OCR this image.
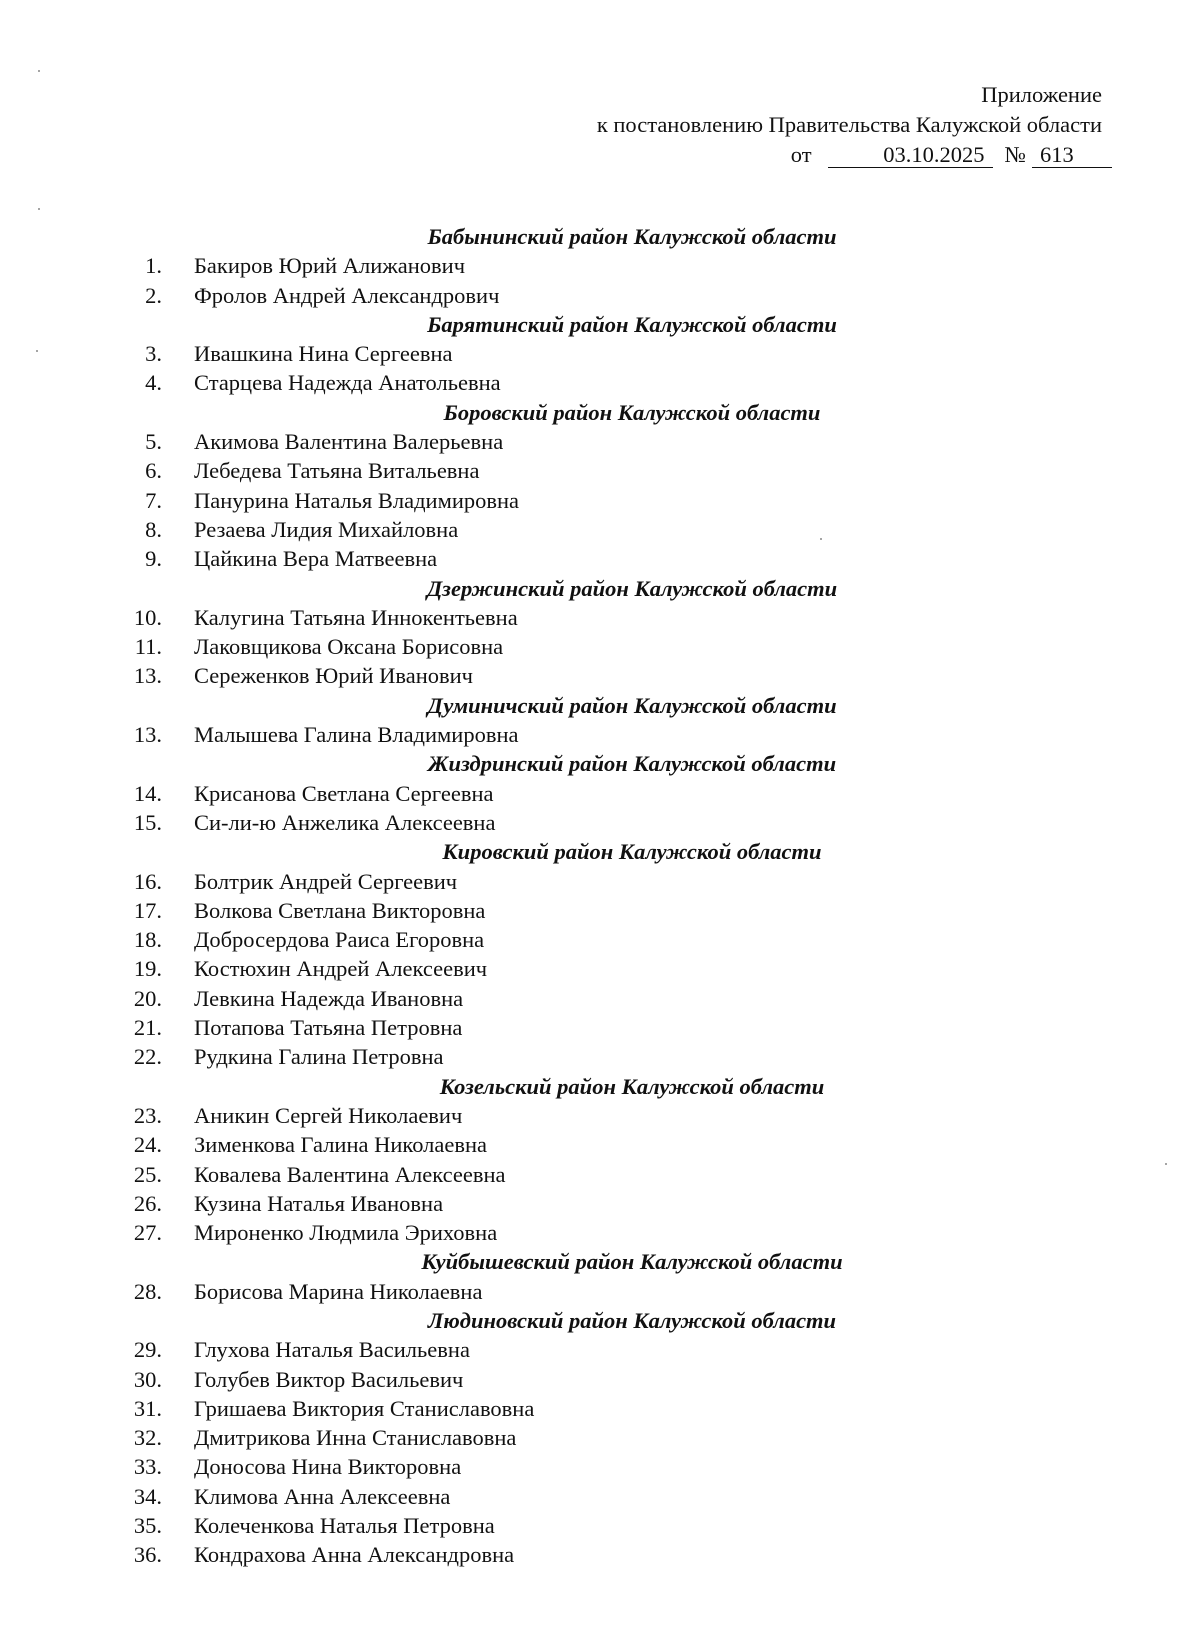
Приложение
к постановлению Правительства Калужской области
от	03.10.2025 № 613
Бабынинский район Калужской области
1. Бакиров Юрий Алижанович
2. Фролов Андрей Александрович
Барятинский район Калужской области
3. Ивашкина Нина Сергеевна
4. Старцева Надежда Анатольевна
Боровский район Калужской области
5. Акимова Валентина Валерьевна
6. Лебедева Татьяна Витальевна
7. Панурина Наталья Владимировна
8. Резаева Лидия Михайловна
9. Цайкина Вера Матвеевна
Дзержинский район Калужской области
10. Калугина Татьяна Иннокентьевна
11. Лаковщикова Оксана Борисовна
13. Сереженков Юрий Иванович
Думиничский район Калужской области
13. Малышева Галина Владимировна
Жиздринский район Калужской области
14. Крисанова Светлана Сергеевна
15. Си-ли-ю Анжелика Алексеевна
Кировский район Калужской области
16. Болтрик Андрей Сергеевич
17. Волкова Светлана Викторовна
18. Добросердова Раиса Егоровна
19. Костюхин Андрей Алексеевич
20. Левкина Надежда Ивановна
21. Потапова Татьяна Петровна
22. Рудкина Галина Петровна
Козельский район Калужской области
23. Аникин Сергей Николаевич
24. Зименкова Галина Николаевна
25. Ковалева Валентина Алексеевна
26. Кузина Наталья Ивановна
27. Мироненко Людмила Эриховна
Куйбышевский район Калужской области
28. Борисова Марина Николаевна
Людиновский район Калужской области
29. Глухова Наталья Васильевна
30. Голубев Виктор Васильевич
31. Гришаева Виктория Станиславовна
32. Дмитрикова Инна Станиславовна
33. Доносова Нина Викторовна
34. Климова Анна Алексеевна
35. Колеченкова Наталья Петровна
36. Кондрахова Анна Александровна
